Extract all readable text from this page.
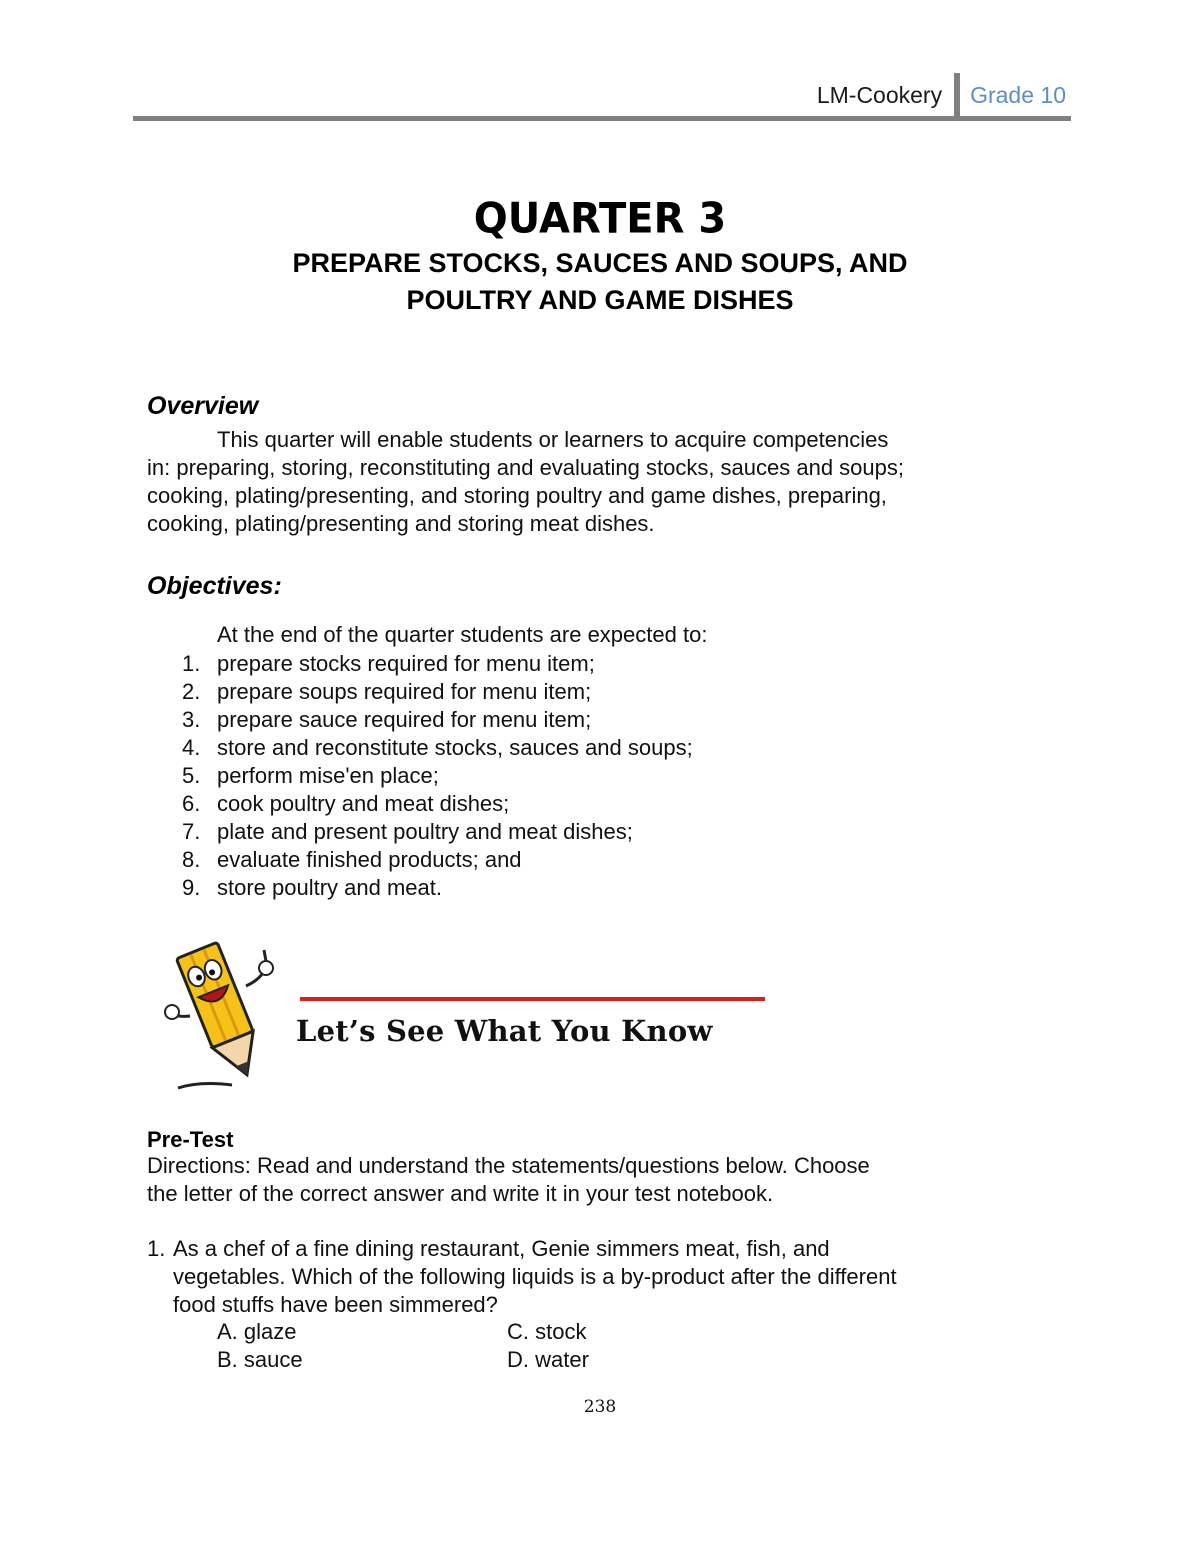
LM-Cookery	Grade 10
QUARTER 3
PREPARE STOCKS, SAUCES AND SOUPS, AND
POULTRY AND GAME DISHES
Overview
This quarter will enable students or learners to acquire competencies
in: preparing, storing, reconstituting and evaluating stocks, sauces and soups;
cooking, plating/presenting, and storing poultry and game dishes, preparing,
cooking, plating/presenting and storing meat dishes.
Objectives:
At the end of the quarter students are expected to:
1. prepare stocks required for menu item;
2. prepare soups required for menu item;
3. prepare sauce required for menu item;
4. store and reconstitute stocks, sauces and soups;
5. perform mise'en place;
6. cook poultry and meat dishes;
7. plate and present poultry and meat dishes;
8. evaluate finished products; and
9. store poultry and meat.
Let’s See What You Know
Pre-Test
Directions: Read and understand the statements/questions below. Choose
the letter of the correct answer and write it in your test notebook.
1. As a chef of a fine dining restaurant, Genie simmers meat, fish, and
vegetables. Which of the following liquids is a by-product after the different
food stuffs have been simmered?
A. glaze	C. stock
B. sauce	D. water
238
